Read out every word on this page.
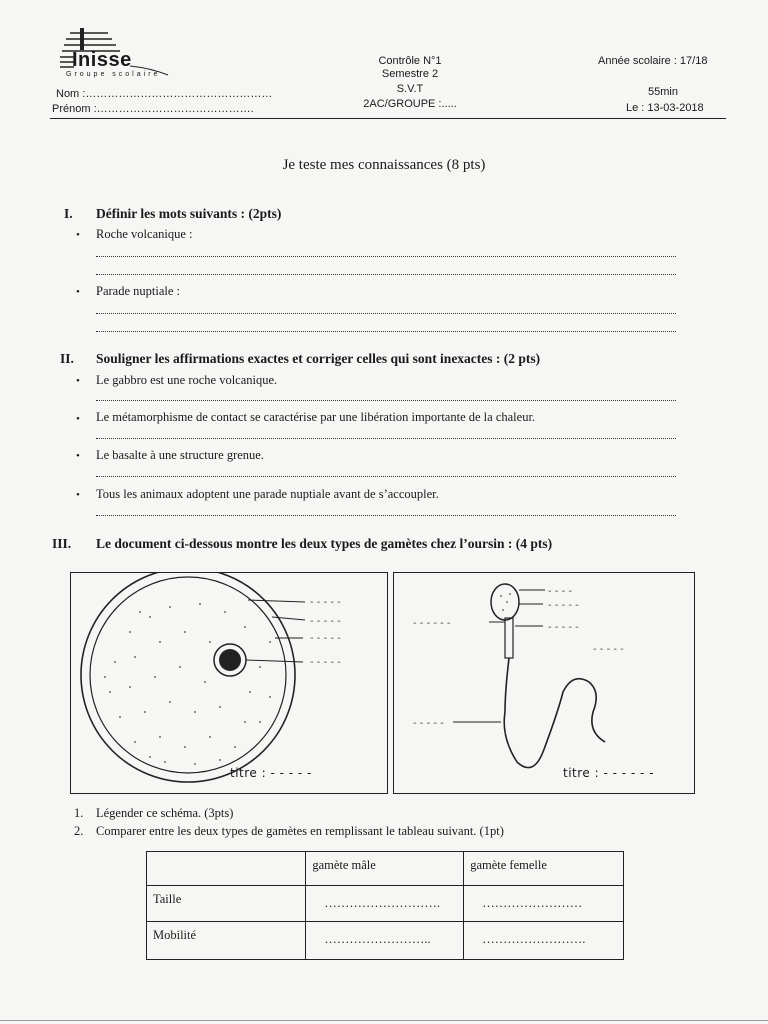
Inisse
Groupe scolaire
Nom :……………………………………………
Prénom :…………………………………….
Contrôle N°1
Semestre 2
S.V.T
2AC/GROUPE :.....
Année scolaire : 17/18
55min
Le : 13-03-2018
Je teste mes connaissances (8 pts)
I. Définir les mots suivants : (2pts)
• Roche volcanique :
• Parade nuptiale :
II. Souligner les affirmations exactes et corriger celles qui sont inexactes : (2 pts)
• Le gabbro est une roche volcanique.
• Le métamorphisme de contact se caractérise par une libération importante de la chaleur.
• Le basalte à une structure grenue.
• Tous les animaux adoptent une parade nuptiale avant de s’accoupler.
III. Le document ci-dessous montre les deux types de gamètes chez l’oursin : (4 pts)
- - - - -
- - - - -
- - - - -
- - - - -
titre : - - - - -
- - - -
- - - - -
- - - - - -	- - - - -
- - - - -
- - - - -
titre : - - - - - -
1. Légender ce schéma. (3pts)
2. Comparer entre les deux types de gamètes en remplissant le tableau suivant. (1pt)
	gamète mâle	gamète femelle
Taille	……………………….	……………………
Mobilité	……………………..	…………………….
